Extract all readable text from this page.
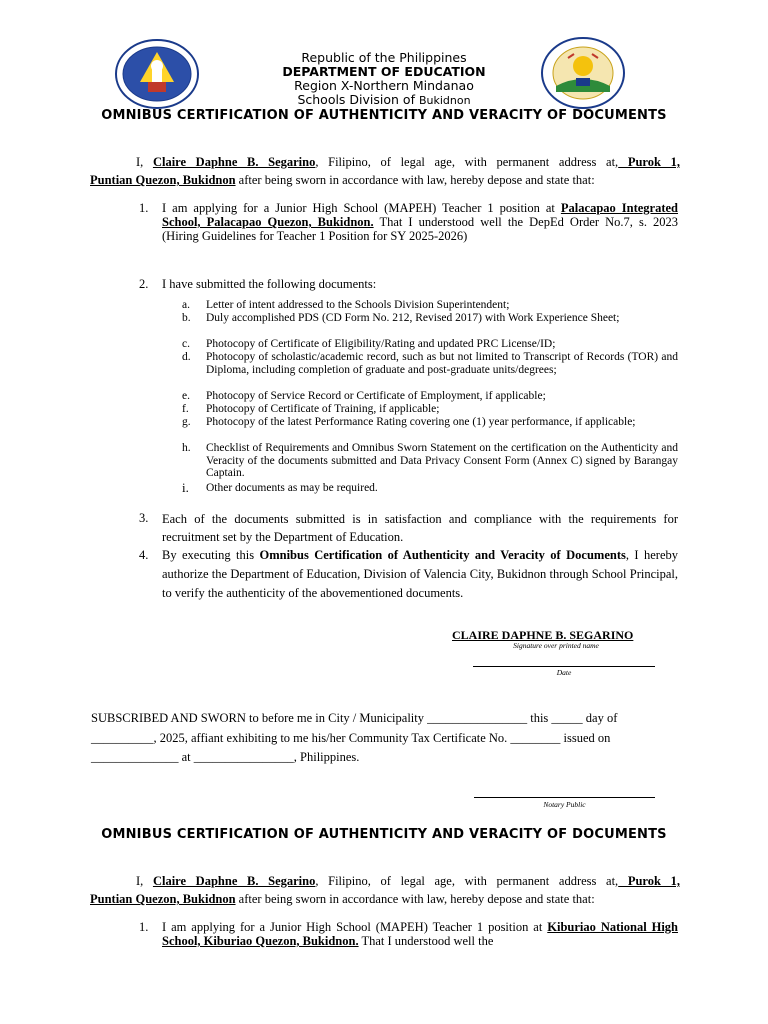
Republic of the Philippines
DEPARTMENT OF EDUCATION
Region X-Northern Mindanao
Schools Division of Bukidnon
OMNIBUS CERTIFICATION OF AUTHENTICITY AND VERACITY OF DOCUMENTS
I, Claire Daphne B. Segarino, Filipino, of legal age, with permanent address at, Purok 1,
Puntian Quezon, Bukidnon after being sworn in accordance with law, hereby depose and state that:
1. I am applying for a Junior High School (MAPEH) Teacher 1 position at Palacapao Integrated School, Palacapao Quezon, Bukidnon. That I understood well the DepEd Order No.7, s. 2023 (Hiring Guidelines for Teacher 1 Position for SY 2025-2026)
2. I have submitted the following documents:
a.	Letter of intent addressed to the Schools Division Superintendent;
b.	Duly accomplished PDS (CD Form No. 212, Revised 2017) with Work Experience Sheet;
c.	Photocopy of Certificate of Eligibility/Rating and updated PRC License/ID;
d.	Photocopy of scholastic/academic record, such as but not limited to Transcript of Records (TOR) and Diploma, including completion of graduate and post-graduate units/degrees;
e.	Photocopy of Service Record or Certificate of Employment, if applicable;
f.	Photocopy of Certificate of Training, if applicable;
g.	Photocopy of the latest Performance Rating covering one (1) year performance, if applicable;
h.	Checklist of Requirements and Omnibus Sworn Statement on the certification on the Authenticity and Veracity of the documents submitted and Data Privacy Consent Form (Annex C) signed by Barangay Captain.
i.	Other documents as may be required.
3. Each of the documents submitted is in satisfaction and compliance with the requirements for recruitment set by the Department of Education.
4. By executing this Omnibus Certification of Authenticity and Veracity of Documents, I hereby authorize the Department of Education, Division of Valencia City, Bukidnon through School Principal, to verify the authenticity of the abovementioned documents.
CLAIRE DAPHNE B. SEGARINO
Signature over printed name
Date
SUBSCRIBED AND SWORN to before me in City / Municipality ________________ this _____ day of
__________, 2025, affiant exhibiting to me his/her Community Tax Certificate No. ________ issued on
______________ at ________________, Philippines.
Notary Public
OMNIBUS CERTIFICATION OF AUTHENTICITY AND VERACITY OF DOCUMENTS
I, Claire Daphne B. Segarino, Filipino, of legal age, with permanent address at, Purok 1,
Puntian Quezon, Bukidnon after being sworn in accordance with law, hereby depose and state that:
1. I am applying for a Junior High School (MAPEH) Teacher 1 position at Kiburiao National High School, Kiburiao Quezon, Bukidnon. That I understood well the
